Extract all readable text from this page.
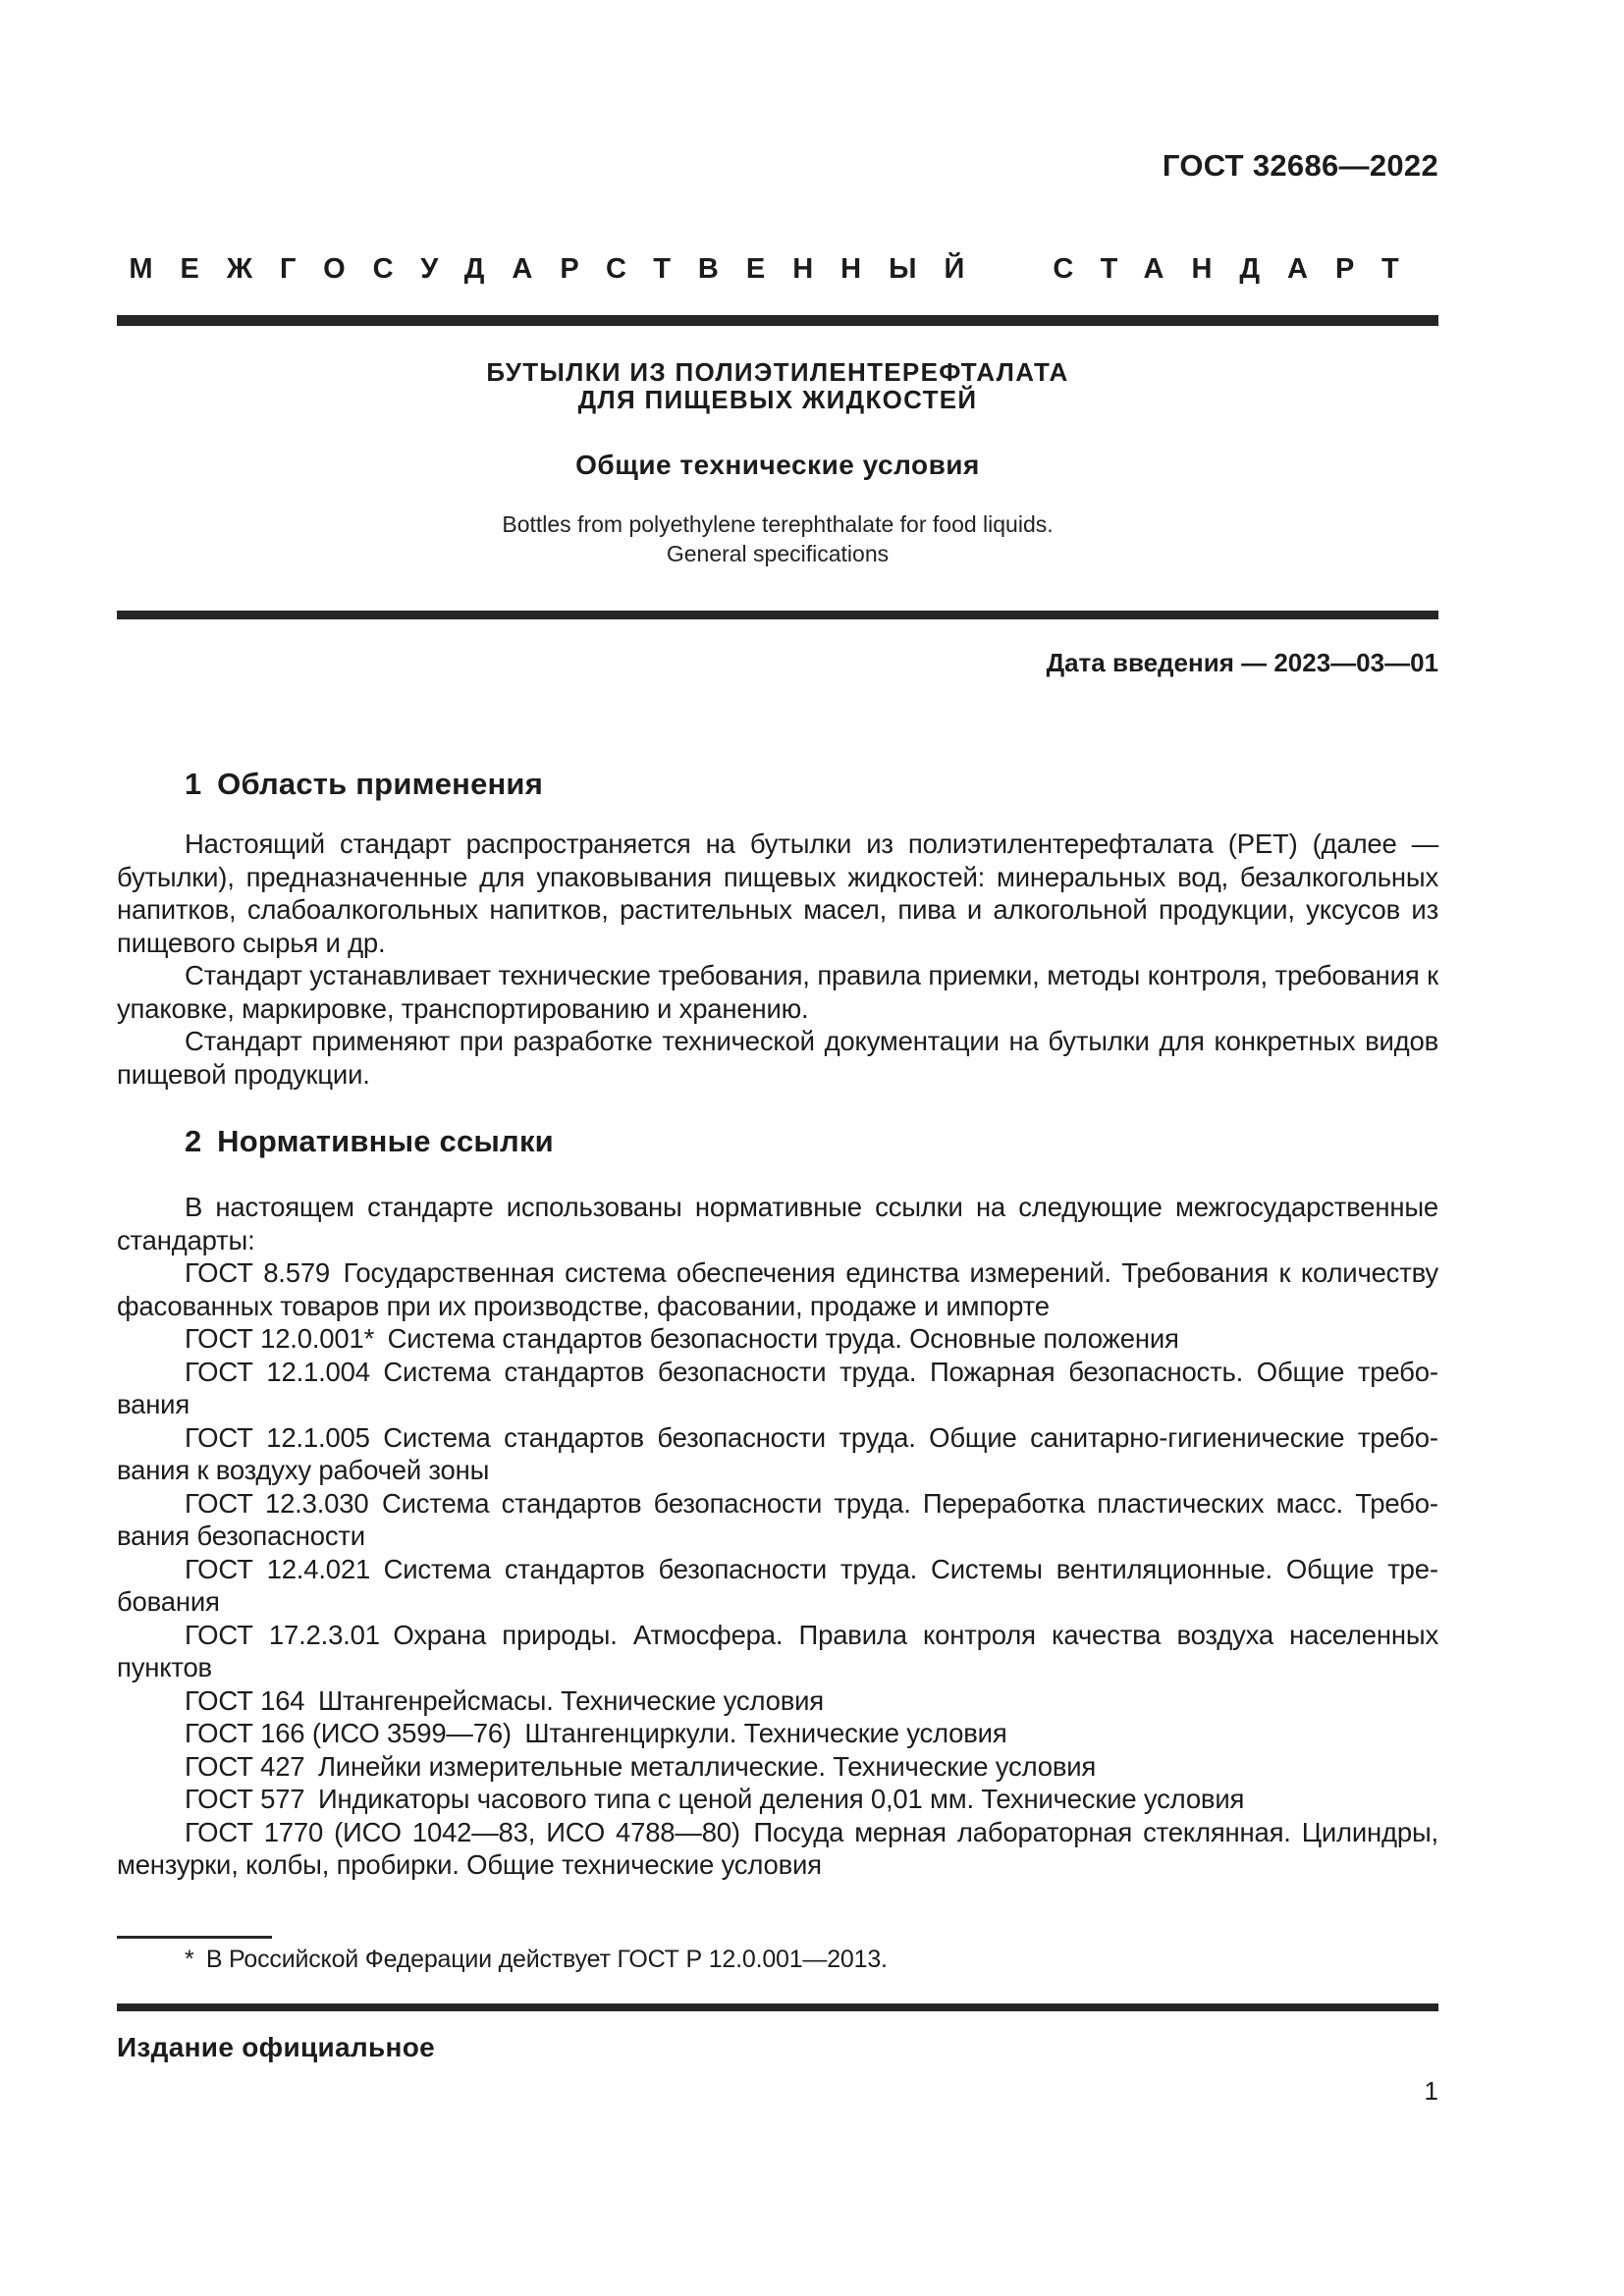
ГОСТ 32686—2022
МЕЖГОСУДАРСТВЕННЫЙ СТАНДАРТ
БУТЫЛКИ ИЗ ПОЛИЭТИЛЕНТЕРЕФТАЛАТА
ДЛЯ ПИЩЕВЫХ ЖИДКОСТЕЙ
Общие технические условия
Bottles from polyethylene terephthalate for food liquids.
General specifications
Дата введения — 2023—03—01
1 Область применения

Настоящий стандарт распространяется на бутылки из полиэтилентерефталата (PET) (далее — бутылки), предназначенные для упаковывания пищевых жидкостей: минеральных вод, безалкогольных напитков, слабоалкогольных напитков, растительных масел, пива и алкогольной продукции, уксусов из пищевого сырья и др.

Стандарт устанавливает технические требования, правила приемки, методы контроля, требования к упаковке, маркировке, транспортированию и хранению.

Стандарт применяют при разработке технической документации на бутылки для конкретных видов пищевой продукции.

2 Нормативные ссылки

В настоящем стандарте использованы нормативные ссылки на следующие межгосударственные стандарты:

ГОСТ 8.579 Государственная система обеспечения единства измерений. Требования к количеству фасованных товаров при их производстве, фасовании, продаже и импорте

ГОСТ 12.0.001* Система стандартов безопасности труда. Основные положения

ГОСТ 12.1.004 Система стандартов безопасности труда. Пожарная безопасность. Общие требования

ГОСТ 12.1.005 Система стандартов безопасности труда. Общие санитарно-гигиенические требования к воздуху рабочей зоны

ГОСТ 12.3.030 Система стандартов безопасности труда. Переработка пластических масс. Требования безопасности

ГОСТ 12.4.021 Система стандартов безопасности труда. Системы вентиляционные. Общие требования

ГОСТ 17.2.3.01 Охрана природы. Атмосфера. Правила контроля качества воздуха населенных пунктов

ГОСТ 164 Штангенрейсмасы. Технические условия

ГОСТ 166 (ИСО 3599—76) Штангенциркули. Технические условия

ГОСТ 427 Линейки измерительные металлические. Технические условия

ГОСТ 577 Индикаторы часового типа с ценой деления 0,01 мм. Технические условия

ГОСТ 1770 (ИСО 1042—83, ИСО 4788—80) Посуда мерная лабораторная стеклянная. Цилиндры, мензурки, колбы, пробирки. Общие технические условия

* В Российской Федерации действует ГОСТ Р 12.0.001—2013.

Издание официальное
1
